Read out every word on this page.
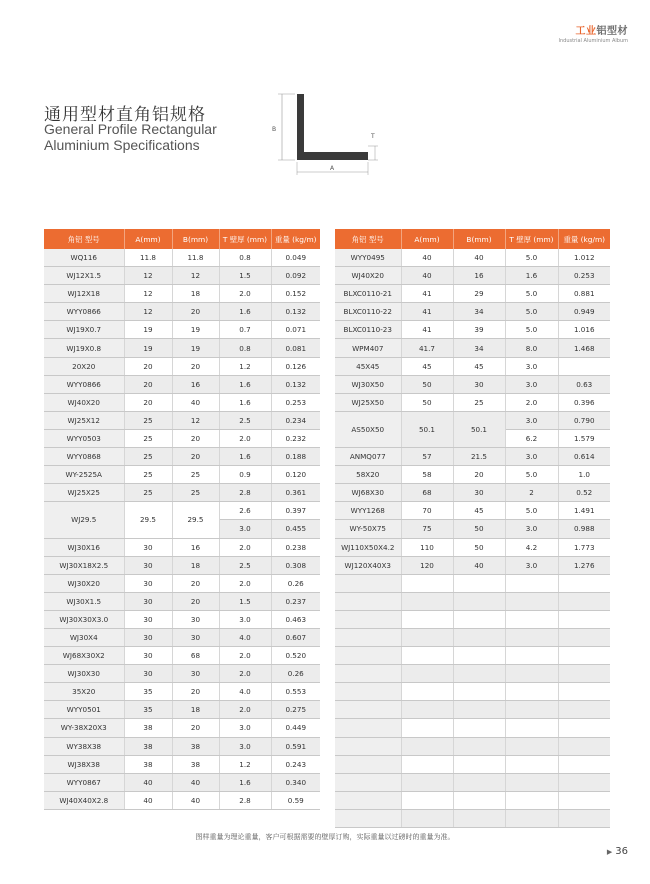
工业铝型材
Industrial Aluminium Album
通用型材直角铝规格
General Profile Rectangular
Aluminium Specifications
B
T
A
角铝 型号	A(mm)	B(mm)	T 壁厚 (mm)	重量 (kg/m)
WQ116	11.8	11.8	0.8	0.049
WJ12X1.5	12	12	1.5	0.092
WJ12X18	12	18	2.0	0.152
WYY0866	12	20	1.6	0.132
WJ19X0.7	19	19	0.7	0.071
WJ19X0.8	19	19	0.8	0.081
20X20	20	20	1.2	0.126
WYY0866	20	16	1.6	0.132
WJ40X20	20	40	1.6	0.253
WJ25X12	25	12	2.5	0.234
WYY0503	25	20	2.0	0.232
WYY0868	25	20	1.6	0.188
WY-2525A	25	25	0.9	0.120
WJ25X25	25	25	2.8	0.361
WJ29.5	29.5	29.5	2.6	0.397
			3.0	0.455
WJ30X16	30	16	2.0	0.238
WJ30X18X2.5	30	18	2.5	0.308
WJ30X20	30	20	2.0	0.26
WJ30X1.5	30	20	1.5	0.237
WJ30X30X3.0	30	30	3.0	0.463
WJ30X4	30	30	4.0	0.607
WJ68X30X2	30	68	2.0	0.520
WJ30X30	30	30	2.0	0.26
35X20	35	20	4.0	0.553
WYY0501	35	18	2.0	0.275
WY-38X20X3	38	20	3.0	0.449
WY38X38	38	38	3.0	0.591
WJ38X38	38	38	1.2	0.243
WYY0867	40	40	1.6	0.340
WJ40X40X2.8	40	40	2.8	0.59
角铝 型号	A(mm)	B(mm)	T 壁厚 (mm)	重量 (kg/m)
WYY0495	40	40	5.0	1.012
WJ40X20	40	16	1.6	0.253
BLXC0110-21	41	29	5.0	0.881
BLXC0110-22	41	34	5.0	0.949
BLXC0110-23	41	39	5.0	1.016
WPM407	41.7	34	8.0	1.468
45X45	45	45	3.0	
WJ30X50	50	30	3.0	0.63
WJ25X50	50	25	2.0	0.396
AS50X50	50.1	50.1	3.0	0.790
			6.2	1.579
ANMQ077	57	21.5	3.0	0.614
58X20	58	20	5.0	1.0
WJ68X30	68	30	2	0.52
WYY1268	70	45	5.0	1.491
WY-50X75	75	50	3.0	0.988
WJ110X50X4.2	110	50	4.2	1.773
WJ120X40X3	120	40	3.0	1.276

图样重量为理论重量，客户可根据需要的壁厚订购，实际重量以过磅时的重量为准。
▶ 36
